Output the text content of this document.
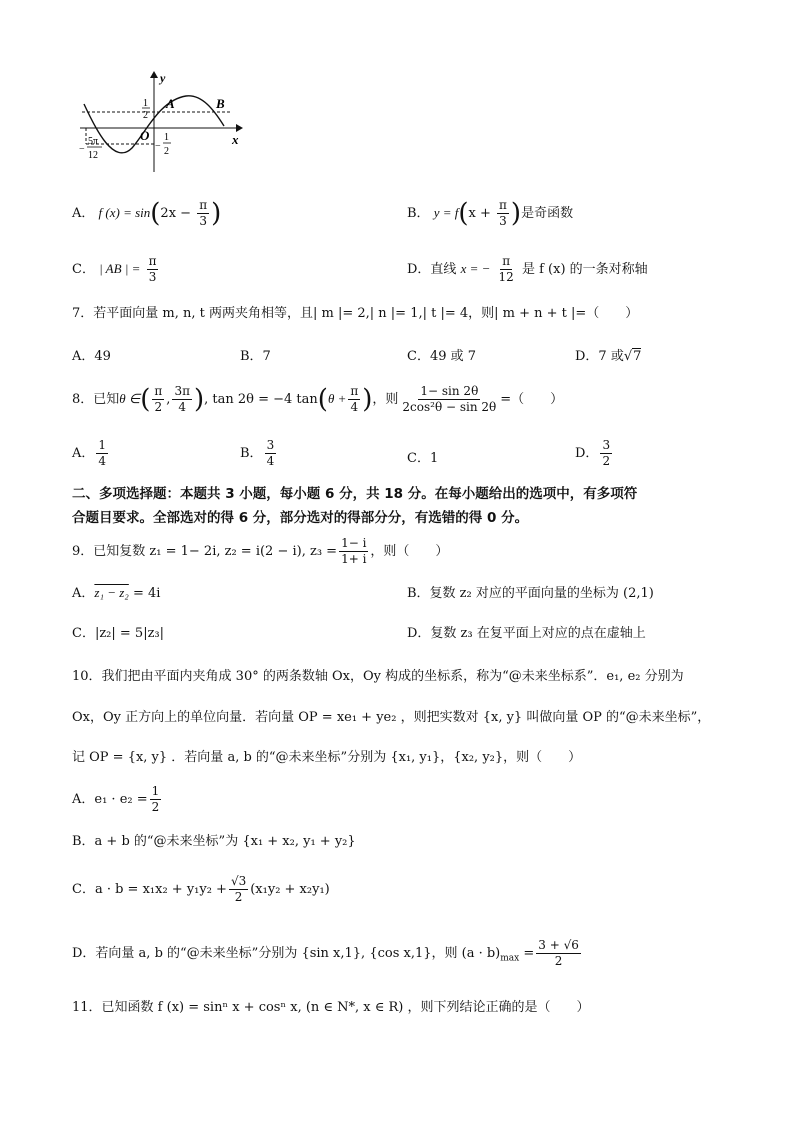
y
x
O
1
2
−
1
2
A	B
−
5π
12
A． f $(x) = \sin(2x - \frac{\pi}{3}$ )	B． $y = f(x + \frac{\pi}{3}$ )是奇函数
C． | AB | = $\frac{\pi}{3}$	D．直线 x = − $\frac{\pi}{12}$ 是 f (x) 的一条对称轴
7．若平面向量 m, n, t 两两夹角相等，且| m |= 2,| n |= 1,| t |= 4，则| m + n + t |=（　　）
A．49	B．7	C．49 或 7	D．7 或√7
8．已知θ ∈( $\frac{\pi}{2}$ , $\frac{3\pi}{4}$ ), tan 2θ = −4 $\tan(\theta + \frac{\pi}{4}$ )，则 $\frac{1- \sin 2\theta}{\text{2cos²θ − sin 2θ}}$ =（　　）
A． $\frac{1}{4}$	B． $\frac{3}{4}$	C．1	D． $\frac{3}{2}$
二、多项选择题：本题共 3 小题，每小题 6 分，共 18 分。在每小题给出的选项中，有多项符
合题目要求。全部选对的得 6 分，部分选对的得部分分，有选错的得 0 分。
9．已知复数 z₁ = 1− 2i, z₂ = i(2 − i), $z_3 = \frac{1- i}{1+ i}$ ，则（　　）
A．z₁ − z₂ = 4i	B．复数 z₂ 对应的平面向量的坐标为 (2,1)
C．|z₂| = 5|z₃|	D．复数 z₃ 在复平面上对应的点在虚轴上
10．我们把由平面内夹角成 30° 的两条数轴 Ox，Oy 构成的坐标系，称为“@未来坐标系”．e₁, e₂ 分别为
Ox，Oy 正方向上的单位向量．若向量 OP = xe₁ + ye₂ ，则把实数对 {x, y} 叫做向量 OP 的“@未来坐标”，
记 OP = {x, y} ．若向量 a, b 的“@未来坐标”分别为 {x₁, y₁}，{x₂, y₂}，则（　　）
A．$e_1 \cdot e_2 = \frac{1}{2}$
B．a + b 的“@未来坐标”为 {x₁ + x₂, y₁ + y₂}
C．$a \cdot b = x_1x_2 + y_1y_2 + \frac{√3}{2} (x_1y_2 + x_2y_1)$
D．若向量 a, b 的“@未来坐标”分别为 {sin x,1}, {cos x,1}，则 $(a \cdot b)_{max} = \frac{3 + √6}{2}$
11．已知函数 f (x) = sinⁿ x + cosⁿ x, (n ∈ N*, x ∈ R) ，则下列结论正确的是（　　）
